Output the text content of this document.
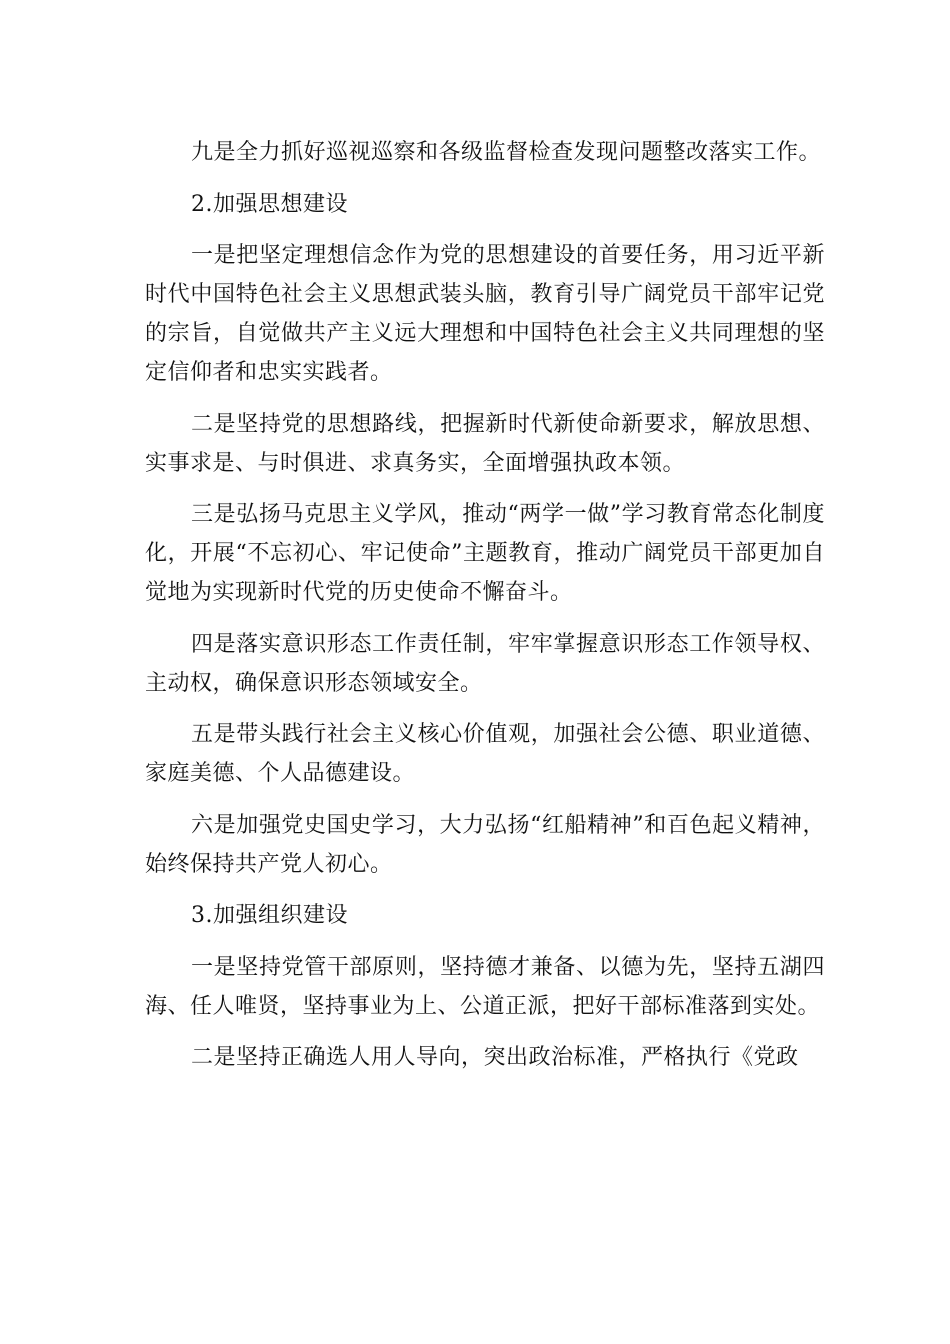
九是全力抓好巡视巡察和各级监督检查发现问题整改落实工作。

2.加强思想建设

一是把坚定理想信念作为党的思想建设的首要任务，用习近平新时代中国特色社会主义思想武装头脑，教育引导广阔党员干部牢记党的宗旨，自觉做共产主义远大理想和中国特色社会主义共同理想的坚定信仰者和忠实实践者。

二是坚持党的思想路线，把握新时代新使命新要求，解放思想、实事求是、与时俱进、求真务实，全面增强执政本领。

三是弘扬马克思主义学风，推动“两学一做”学习教育常态化制度化，开展“不忘初心、牢记使命”主题教育，推动广阔党员干部更加自觉地为实现新时代党的历史使命不懈奋斗。

四是落实意识形态工作责任制，牢牢掌握意识形态工作领导权、主动权，确保意识形态领域安全。

五是带头践行社会主义核心价值观，加强社会公德、职业道德、家庭美德、个人品德建设。

六是加强党史国史学习，大力弘扬“红船精神”和百色起义精神，始终保持共产党人初心。

3.加强组织建设

一是坚持党管干部原则，坚持德才兼备、以德为先，坚持五湖四海、任人唯贤，坚持事业为上、公道正派，把好干部标准落到实处。

二是坚持正确选人用人导向，突出政治标准，严格执行《党政
